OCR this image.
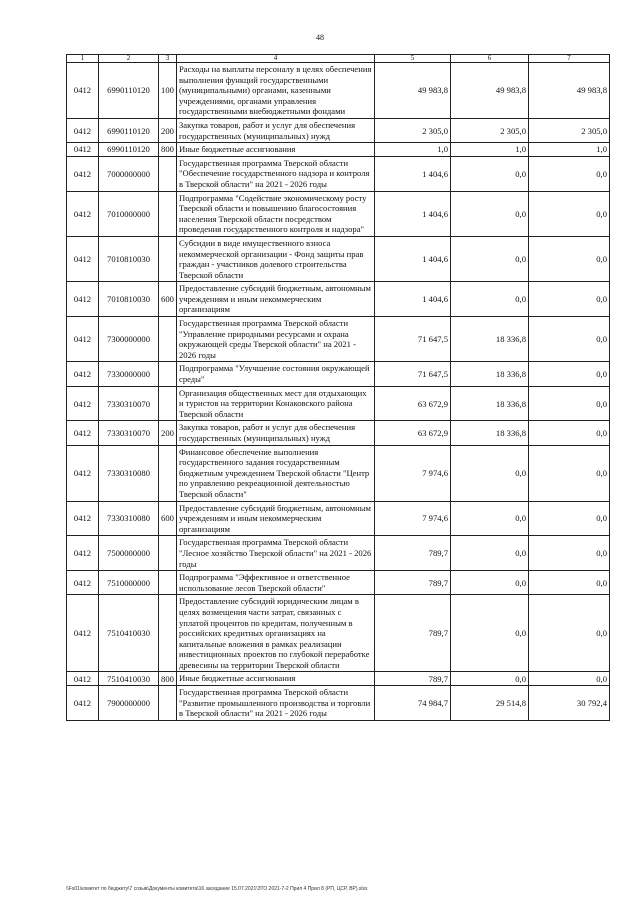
48
1	2	3	4	5	6	7
0412	6990110120	100	Расходы на выплаты персоналу в целях обеспечения выполнения функций государственными (муниципальными) органами, казенными учреждениями, органами управления государственными внебюджетными фондами	49 983,8	49 983,8	49 983,8
0412	6990110120	200	Закупка товаров, работ и услуг для обеспечения государственных (муниципальных) нужд	2 305,0	2 305,0	2 305,0
0412	6990110120	800	Иные бюджетные ассигнования	1,0	1,0	1,0
0412	7000000000		Государственная программа Тверской области "Обеспечение государственного надзора и контроля в Тверской области" на 2021 - 2026 годы	1 404,6	0,0	0,0
0412	7010000000		Подпрограмма "Содействие экономическому росту Тверской области и повышению благосостояния населения Тверской области посредством проведения государственного контроля и надзора"	1 404,6	0,0	0,0
0412	7010810030		Субсидии в виде имущественного взноса некоммерческой организации - Фонд защиты прав граждан - участников долевого строительства Тверской области	1 404,6	0,0	0,0
0412	7010810030	600	Предоставление субсидий бюджетным, автономным учреждениям и иным некоммерческим организациям	1 404,6	0,0	0,0
0412	7300000000		Государственная программа Тверской области "Управление природными ресурсами и охрана окружающей среды Тверской области" на 2021 - 2026 годы	71 647,5	18 336,8	0,0
0412	7330000000		Подпрограмма "Улучшение состояния окружающей среды"	71 647,5	18 336,8	0,0
0412	7330310070		Организация общественных мест для отдыхающих и туристов на территории Конаковского района Тверской области	63 672,9	18 336,8	0,0
0412	7330310070	200	Закупка товаров, работ и услуг для обеспечения государственных (муниципальных) нужд	63 672,9	18 336,8	0,0
0412	7330310080		Финансовое обеспечение выполнения государственного задания государственным бюджетным учреждением Тверской области "Центр по управлению рекреационной деятельностью Тверской области"	7 974,6	0,0	0,0
0412	7330310080	600	Предоставление субсидий бюджетным, автономным учреждениям и иным некоммерческим организациям	7 974,6	0,0	0,0
0412	7500000000		Государственная программа Тверской области "Лесное хозяйство Тверской области" на 2021 - 2026 годы	789,7	0,0	0,0
0412	7510000000		Подпрограмма "Эффективное и ответственное использование лесов Тверской области"	789,7	0,0	0,0
0412	7510410030		Предоставление субсидий юридическим лицам в целях возмещения части затрат, связанных с уплатой процентов по кредитам, полученным в российских кредитных организациях на капитальные вложения в рамках реализации инвестиционных проектов по глубокой переработке древесины на территории Тверской области	789,7	0,0	0,0
0412	7510410030	800	Иные бюджетные ассигнования	789,7	0,0	0,0
0412	7900000000		Государственная программа Тверской области "Развитие промышленного производства и торговли в Тверской области" на 2021 - 2026 годы	74 984,7	29 514,8	30 792,4
\\Fs01\комитет по бюджету\7 созыв\Документы комитета\16 заседание 15.07.2021\ЗТО 2021-7-2 Прил 4 Прил 8 (РП, ЦСР, ВР).xlsx
